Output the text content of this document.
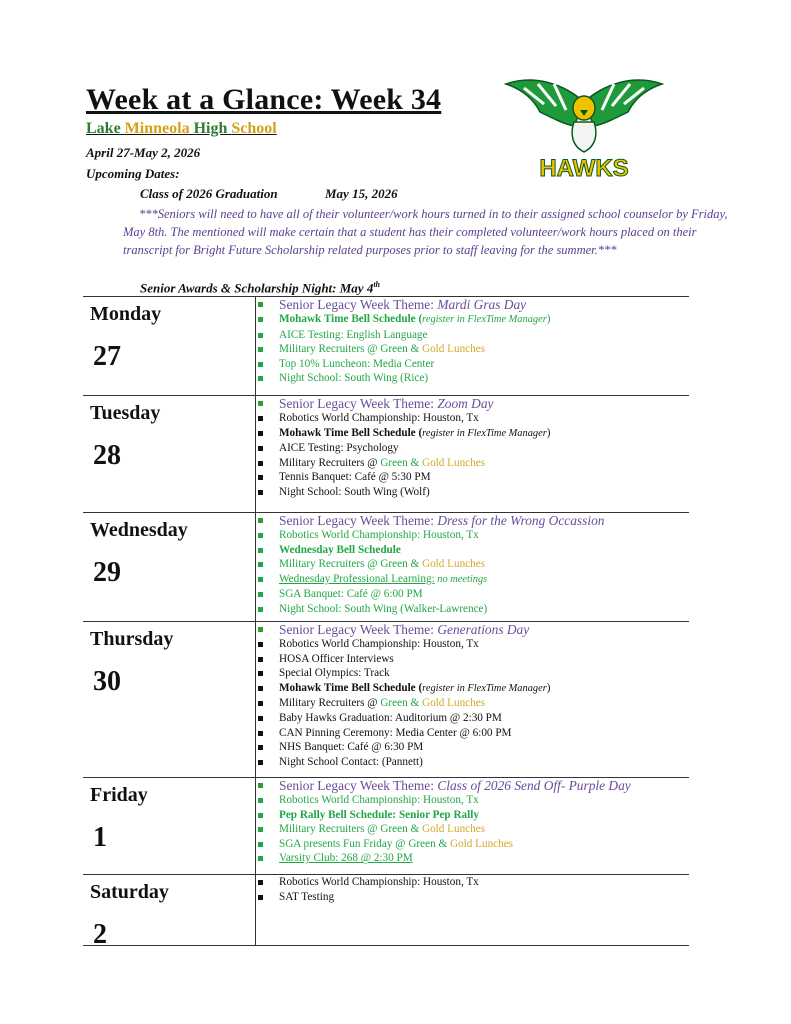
Week at a Glance: Week 34
Lake Minneola High School
April 27-May 2, 2026
Upcoming Dates:
Class of 2026 Graduation	May 15, 2026
***Seniors will need to have all of their volunteer/work hours turned in to their assigned school counselor by Friday, May 8th. The mentioned will make certain that a student has their completed volunteer/work hours placed on their transcript for Bright Future Scholarship related purposes prior to staff leaving for the summer.***
Senior Awards & Scholarship Night: May 4th
HAWKS
Monday
27
Senior Legacy Week Theme: Mardi Gras Day
Mohawk Time Bell Schedule (register in FlexTime Manager)
AICE Testing: English Language
Military Recruiters @ Green & Gold Lunches
Top 10% Luncheon: Media Center
Night School: South Wing (Rice)
Tuesday
28
Senior Legacy Week Theme: Zoom Day
Robotics World Championship: Houston, Tx
Mohawk Time Bell Schedule (register in FlexTime Manager)
AICE Testing: Psychology
Military Recruiters @ Green & Gold Lunches
Tennis Banquet: Café @ 5:30 PM
Night School: South Wing (Wolf)
Wednesday
29
Senior Legacy Week Theme: Dress for the Wrong Occassion
Robotics World Championship: Houston, Tx
Wednesday Bell Schedule
Military Recruiters @ Green & Gold Lunches
Wednesday Professional Learning: no meetings
SGA Banquet: Café @ 6:00 PM
Night School: South Wing (Walker-Lawrence)
Thursday
30
Senior Legacy Week Theme: Generations Day
Robotics World Championship: Houston, Tx
HOSA Officer Interviews
Special Olympics: Track
Mohawk Time Bell Schedule (register in FlexTime Manager)
Military Recruiters @ Green & Gold Lunches
Baby Hawks Graduation: Auditorium @ 2:30 PM
CAN Pinning Ceremony: Media Center @ 6:00 PM
NHS Banquet: Café @ 6:30 PM
Night School Contact: (Pannett)
Friday
1
Senior Legacy Week Theme: Class of 2026 Send Off- Purple Day
Robotics World Championship: Houston, Tx
Pep Rally Bell Schedule: Senior Pep Rally
Military Recruiters @ Green & Gold Lunches
SGA presents Fun Friday @ Green & Gold Lunches
Varsity Club: 268 @ 2:30 PM
Saturday
2
Robotics World Championship: Houston, Tx
SAT Testing
